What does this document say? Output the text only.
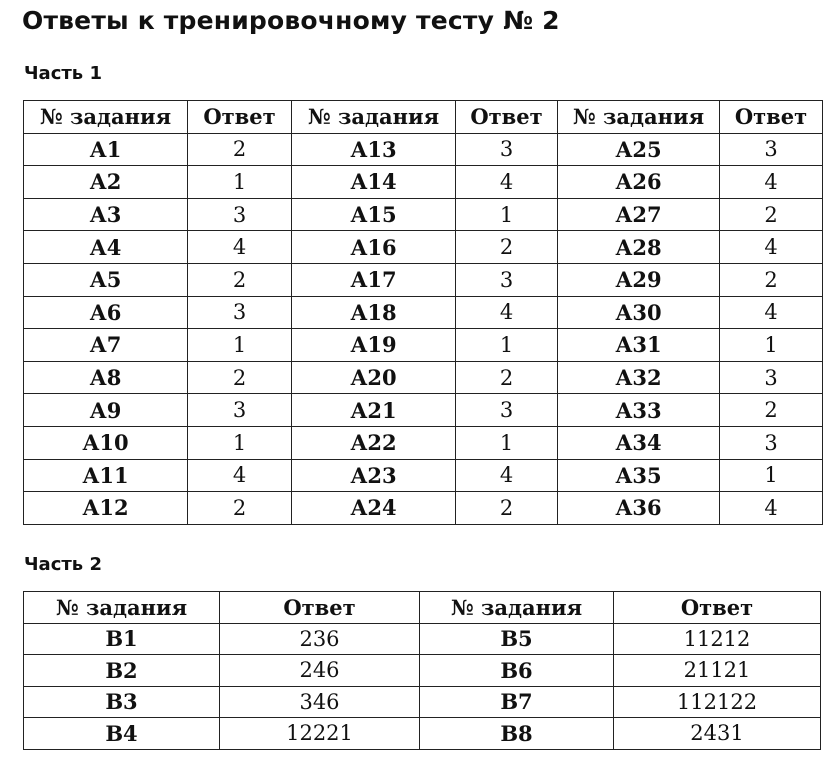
Ответы к тренировочному тесту № 2
Часть 1
№ задания	Ответ	№ задания	Ответ	№ задания	Ответ
А1	2	А13	3	А25	3
А2	1	А14	4	А26	4
А3	3	А15	1	А27	2
А4	4	А16	2	А28	4
А5	2	А17	3	А29	2
А6	3	А18	4	А30	4
А7	1	А19	1	А31	1
А8	2	А20	2	А32	3
А9	3	А21	3	А33	2
А10	1	А22	1	А34	3
А11	4	А23	4	А35	1
А12	2	А24	2	А36	4
Часть 2
№ задания	Ответ	№ задания	Ответ
В1	236	В5	11212
В2	246	В6	21121
В3	346	В7	112122
В4	12221	В8	2431
